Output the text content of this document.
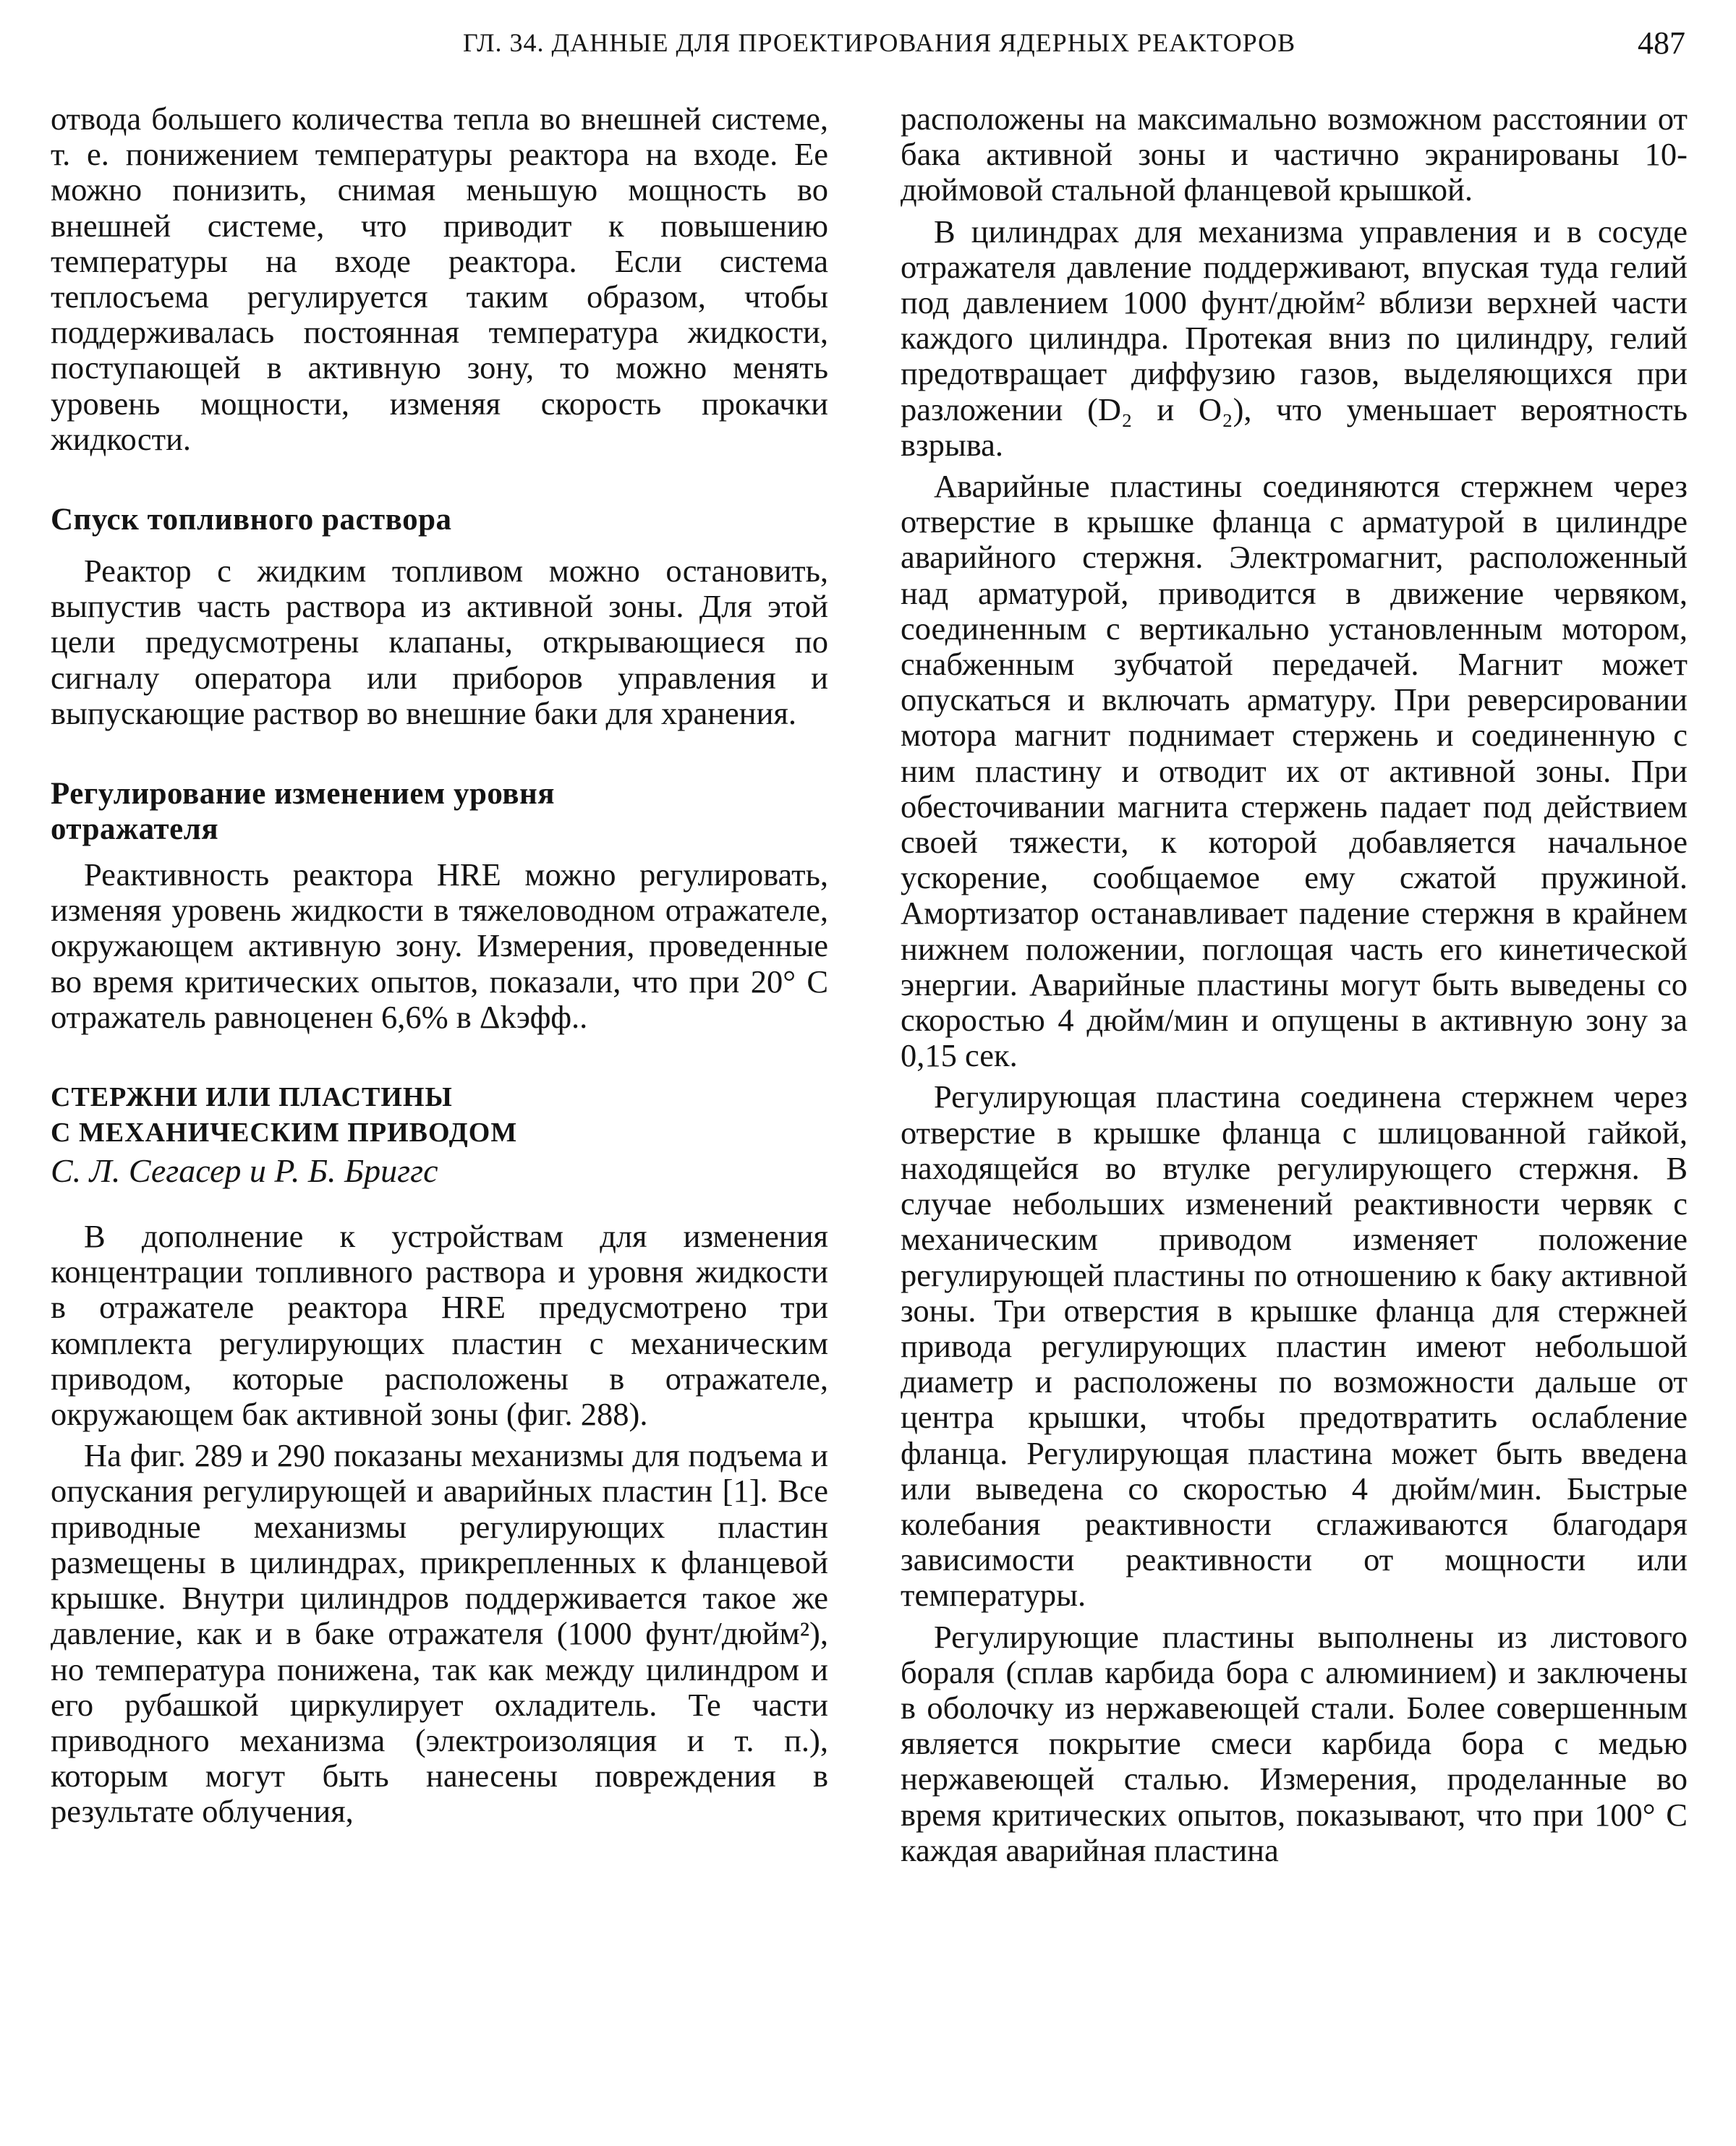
ГЛ. 34. ДАННЫЕ ДЛЯ ПРОЕКТИРОВАНИЯ ЯДЕРНЫХ РЕАКТОРОВ	487

отвода большего количества тепла во внешней системе, т. е. понижением температуры реактора на входе. Ее можно понизить, снимая меньшую мощность во внешней системе, что приводит к повышению температуры на входе реактора. Если система теплосъема регулируется таким образом, чтобы поддерживалась постоянная температура жидкости, поступающей в активную зону, то можно менять уровень мощности, изменяя скорость прокачки жидкости.

Спуск топливного раствора

Реактор с жидким топливом можно остановить, выпустив часть раствора из активной зоны. Для этой цели предусмотрены клапаны, открывающиеся по сигналу оператора или приборов управления и выпускающие раствор во внешние баки для хранения.

Регулирование изменением уровня

отражателя

Реактивность реактора HRE можно регулировать, изменяя уровень жидкости в тяжеловодном отражателе, окружающем активную зону. Измерения, проведенные во время критических опытов, показали, что при 20° С отражатель равноценен 6,6% в Δkэфф..

СТЕРЖНИ ИЛИ ПЛАСТИНЫ

С МЕХАНИЧЕСКИМ ПРИВОДОМ

С. Л. Сегасер и Р. Б. Бриггс

В дополнение к устройствам для изменения концентрации топливного раствора и уровня жидкости в отражателе реактора HRE предусмотрено три комплекта регулирующих пластин с механическим приводом, которые расположены в отражателе, окружающем бак активной зоны (фиг. 288).

На фиг. 289 и 290 показаны механизмы для подъема и опускания регулирующей и аварийных пластин [1]. Все приводные механизмы регулирующих пластин размещены в цилиндрах, прикрепленных к фланцевой крышке. Внутри цилиндров поддерживается такое же давление, как и в баке отражателя (1000 фунт/дюйм²), но температура понижена, так как между цилиндром и его рубашкой циркулирует охладитель. Те части приводного механизма (электроизоляция и т. п.), которым могут быть нанесены повреждения в результате облучения,

расположены на максимально возможном расстоянии от бака активной зоны и частично экранированы 10-дюймовой стальной фланцевой крышкой.

В цилиндрах для механизма управления и в сосуде отражателя давление поддерживают, впуская туда гелий под давлением 1000 фунт/дюйм² вблизи верхней части каждого цилиндра. Протекая вниз по цилиндру, гелий предотвращает диффузию газов, выделяющихся при разложении (D₂ и O₂), что уменьшает вероятность взрыва.

Аварийные пластины соединяются стержнем через отверстие в крышке фланца с арматурой в цилиндре аварийного стержня. Электромагнит, расположенный над арматурой, приводится в движение червяком, соединенным с вертикально установленным мотором, снабженным зубчатой передачей. Магнит может опускаться и включать арматуру. При реверсировании мотора магнит поднимает стержень и соединенную с ним пластину и отводит их от активной зоны. При обесточивании магнита стержень падает под действием своей тяжести, к которой добавляется начальное ускорение, сообщаемое ему сжатой пружиной. Амортизатор останавливает падение стержня в крайнем нижнем положении, поглощая часть его кинетической энергии. Аварийные пластины могут быть выведены со скоростью 4 дюйм/мин и опущены в активную зону за 0,15 сек.

Регулирующая пластина соединена стержнем через отверстие в крышке фланца с шлицованной гайкой, находящейся во втулке регулирующего стержня. В случае небольших изменений реактивности червяк с механическим приводом изменяет положение регулирующей пластины по отношению к баку активной зоны. Три отверстия в крышке фланца для стержней привода регулирующих пластин имеют небольшой диаметр и расположены по возможности дальше от центра крышки, чтобы предотвратить ослабление фланца. Регулирующая пластина может быть введена или выведена со скоростью 4 дюйм/мин. Быстрые колебания реактивности сглаживаются благодаря зависимости реактивности от мощности или температуры.

Регулирующие пластины выполнены из листового бораля (сплав карбида бора с алюминием) и заключены в оболочку из нержавеющей стали. Более совершенным является покрытие смеси карбида бора с медью нержавеющей сталью. Измерения, проделанные во время критических опытов, показывают, что при 100° С каждая аварийная пластина
